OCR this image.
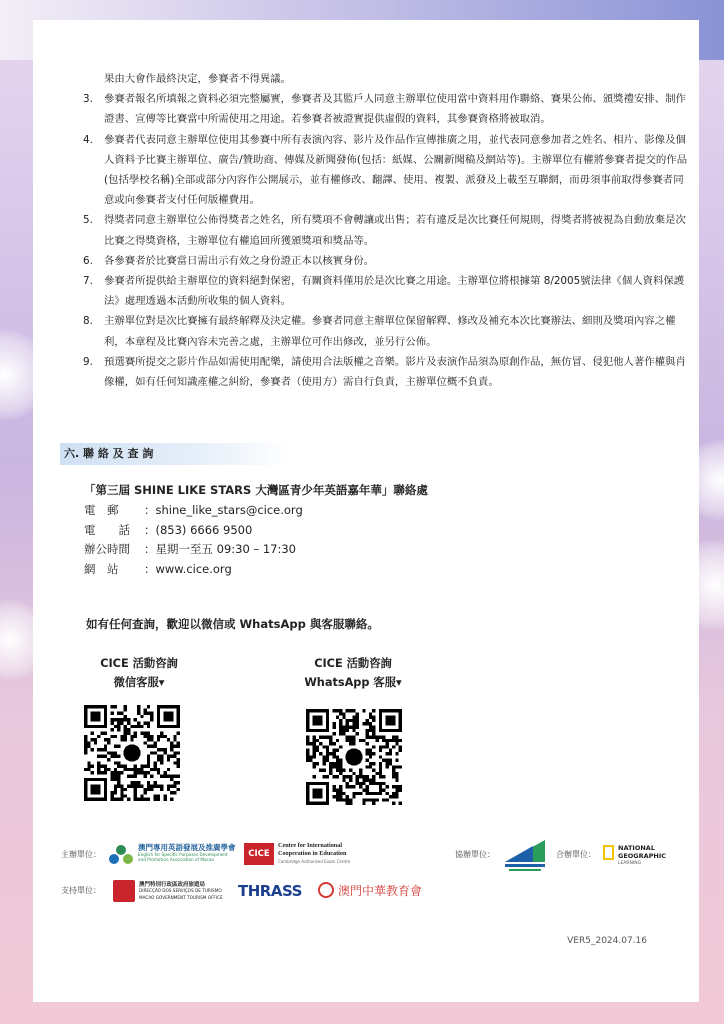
果由大會作最終決定，參賽者不得異議。
3.	參賽者報名所填報之資料必須完整屬實，參賽者及其監戶人同意主辦單位使用當中資料用作聯絡、賽果公佈、頒獎禮安排、制作證書、宣傳等比賽當中所需使用之用途。若參賽者被證實提供虛假的資料，其參賽資格將被取消。
4.	參賽者代表同意主辦單位使用其參賽中所有表演內容、影片及作品作宣傳推廣之用，並代表同意參加者之姓名、相片、影像及個人資料予比賽主辦單位、廣告/贊助商、傳媒及新聞發佈(包括：紙媒、公關新聞稿及網站等)。主辦單位有權將參賽者提交的作品(包括學校名稱)全部或部分內容作公開展示，並有權修改、翻譯、使用、複製、派發及上載至互聯網，而毋須事前取得參賽者同意或向參賽者支付任何版權費用。
5.	得獎者同意主辦單位公佈得獎者之姓名，所有獎項不會轉讓或出售；若有違反是次比賽任何規則，得獎者將被視為自動放棄是次比賽之得獎資格，主辦單位有權追回所獲頒獎項和獎品等。
6.	各參賽者於比賽當日需出示有效之身份證正本以核實身份。
7.	參賽者所提供給主辦單位的資料絕對保密，有關資料僅用於是次比賽之用途。主辦單位將根據第 8/2005號法律《個人資料保護法》處理透過本活動所收集的個人資料。
8.	主辦單位對是次比賽擁有最終解釋及決定權。參賽者同意主辦單位保留解釋、修改及補充本次比賽辦法、細則及獎項內容之權利，本章程及比賽內容未完善之處，主辦單位可作出修改，並另行公佈。
9.	預選賽所提交之影片作品如需使用配樂，請使用合法版權之音樂。影片及表演作品須為原創作品，無仿冒、侵犯他人著作權與肖像權，如有任何知識產權之糾紛，參賽者（使用方）需自行負責，主辦單位概不負責。
六. 聯 絡 及 查 詢
「第三屆 SHINE LIKE STARS 大灣區青少年英語嘉年華」聯絡處
電　郵	：shine_like_stars@cice.org
電　　話	：(853) 6666 9500
辦公時間	：星期一至五 09:30 – 17:30
網　站	：www.cice.org
如有任何查詢，歡迎以微信或 WhatsApp 與客服聯絡。
CICE 活動咨詢
微信客服▾
CICE 活動咨詢
WhatsApp 客服▾
主辦單位：
澳門專用英語發展及推廣學會
English for Specific Purposes Development and Promotion Association of Macao
CICE
Centre for International
Cooperation in Education
Cambridge Authorised Exam Centre
協辦單位：	合辦單位：
NATIONAL
GEOGRAPHIC
LEARNING
支持單位：
澳門特別行政區政府旅遊局
DIRECÇÃO DOS SERVIÇOS DE TURISMO
MACAO GOVERNMENT TOURISM OFFICE THRASS	澳門中華教育會
VER5_2024.07.16
